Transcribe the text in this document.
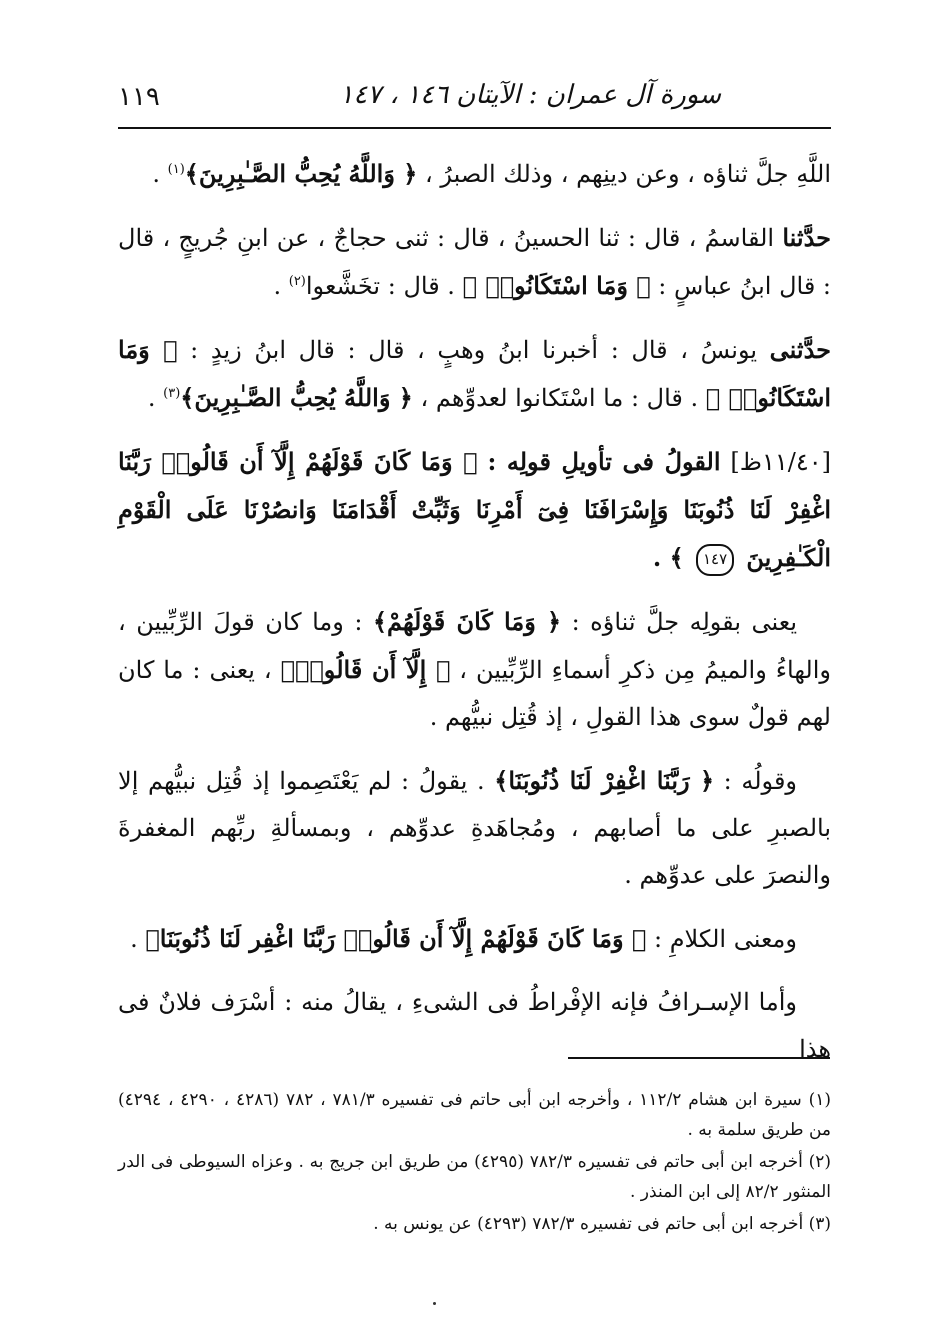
سورة آل عمران : الآيتان ١٤٦ ، ١٤٧
١١٩

اللَّهِ جلَّ ثناؤه ، وعن دينِهم ، وذلك الصبرُ ، ﴿ وَاللَّهُ يُحِبُّ الصَّـٰبِرِينَ﴾$^{(١)}$ .

حدَّثنا القاسمُ ، قال : ثنا الحسينُ ، قال : ثنى حجاجٌ ، عن ابنِ جُريجٍ ، قال : قال ابنُ عباسٍ : ﴿ وَمَا اسْتَكَانُوا۟ ﴾ . قال : تخَشَّعوا$^{(٢)}$ .

حدَّثنى يونسُ ، قال : أخبرنا ابنُ وهبٍ ، قال : قال ابنُ زيدٍ : ﴿ وَمَا اسْتَكَانُوا۟ ﴾ . قال : ما اسْتَكانوا لعدوِّهم ، ﴿ وَاللَّهُ يُحِبُّ الصَّـٰبِرِينَ﴾$^{(٣)}$ .

[١١/٤٠ظ] القولُ فى تأويلِ قولِه : ﴿ وَمَا كَانَ قَوْلَهُمْ إِلَّآ أَن قَالُوا۟ رَبَّنَا اغْفِرْ لَنَا ذُنُوبَنَا وَإِسْرَافَنَا فِىٓ أَمْرِنَا وَثَبِّتْ أَقْدَامَنَا وَانصُرْنَا عَلَى الْقَوْمِ الْكَـٰفِرِينَ ١٤٧ ﴾ .

يعنى بقولِه جلَّ ثناؤه : ﴿ وَمَا كَانَ قَوْلَهُمْ﴾ : وما كان قولَ الرِّبِّيين ، والهاءُ والميمُ مِن ذكرِ أسماءِ الرِّبِّيين ، ﴿ إِلَّآ أَن قَالُوا۟﴾ ، يعنى : ما كان لهم قولٌ سوى هذا القولِ ، إذ قُتِل نبيُّهم .

وقولُه : ﴿ رَبَّنَا اغْفِرْ لَنَا ذُنُوبَنَا﴾ . يقولُ : لم يَعْتَصِموا إذ قُتِل نبيُّهم إلا بالصبرِ على ما أصابهم ، ومُجاهَدةِ عدوِّهم ، وبمسألةِ ربِّهم المغفرةَ والنصرَ على عدوِّهم .

ومعنى الكلامِ : ﴿ وَمَا كَانَ قَوْلَهُمْ إِلَّآ أَن قَالُوا۟ رَبَّنَا اغْفِر لَنَا ذُنُوبَنَا﴾ .

وأما الإسـرافُ فإنه الإفْراطُ فى الشىءِ ، يقالُ منه : أسْرَف فلانٌ فى هذا

(١) سيرة ابن هشام ١١٢/٢ ، وأخرجه ابن أبى حاتم فى تفسيره ٧٨١/٣ ، ٧٨٢ (٤٢٨٦ ، ٤٢٩٠ ، ٤٢٩٤) من طريق سلمة به .

(٢) أخرجه ابن أبى حاتم فى تفسيره ٧٨٢/٣ (٤٢٩٥) من طريق ابن جريج به . وعزاه السيوطى فى الدر المنثور ٨٢/٢ إلى ابن المنذر .

(٣) أخرجه ابن أبى حاتم فى تفسيره ٧٨٢/٣ (٤٢٩٣) عن يونس به .
